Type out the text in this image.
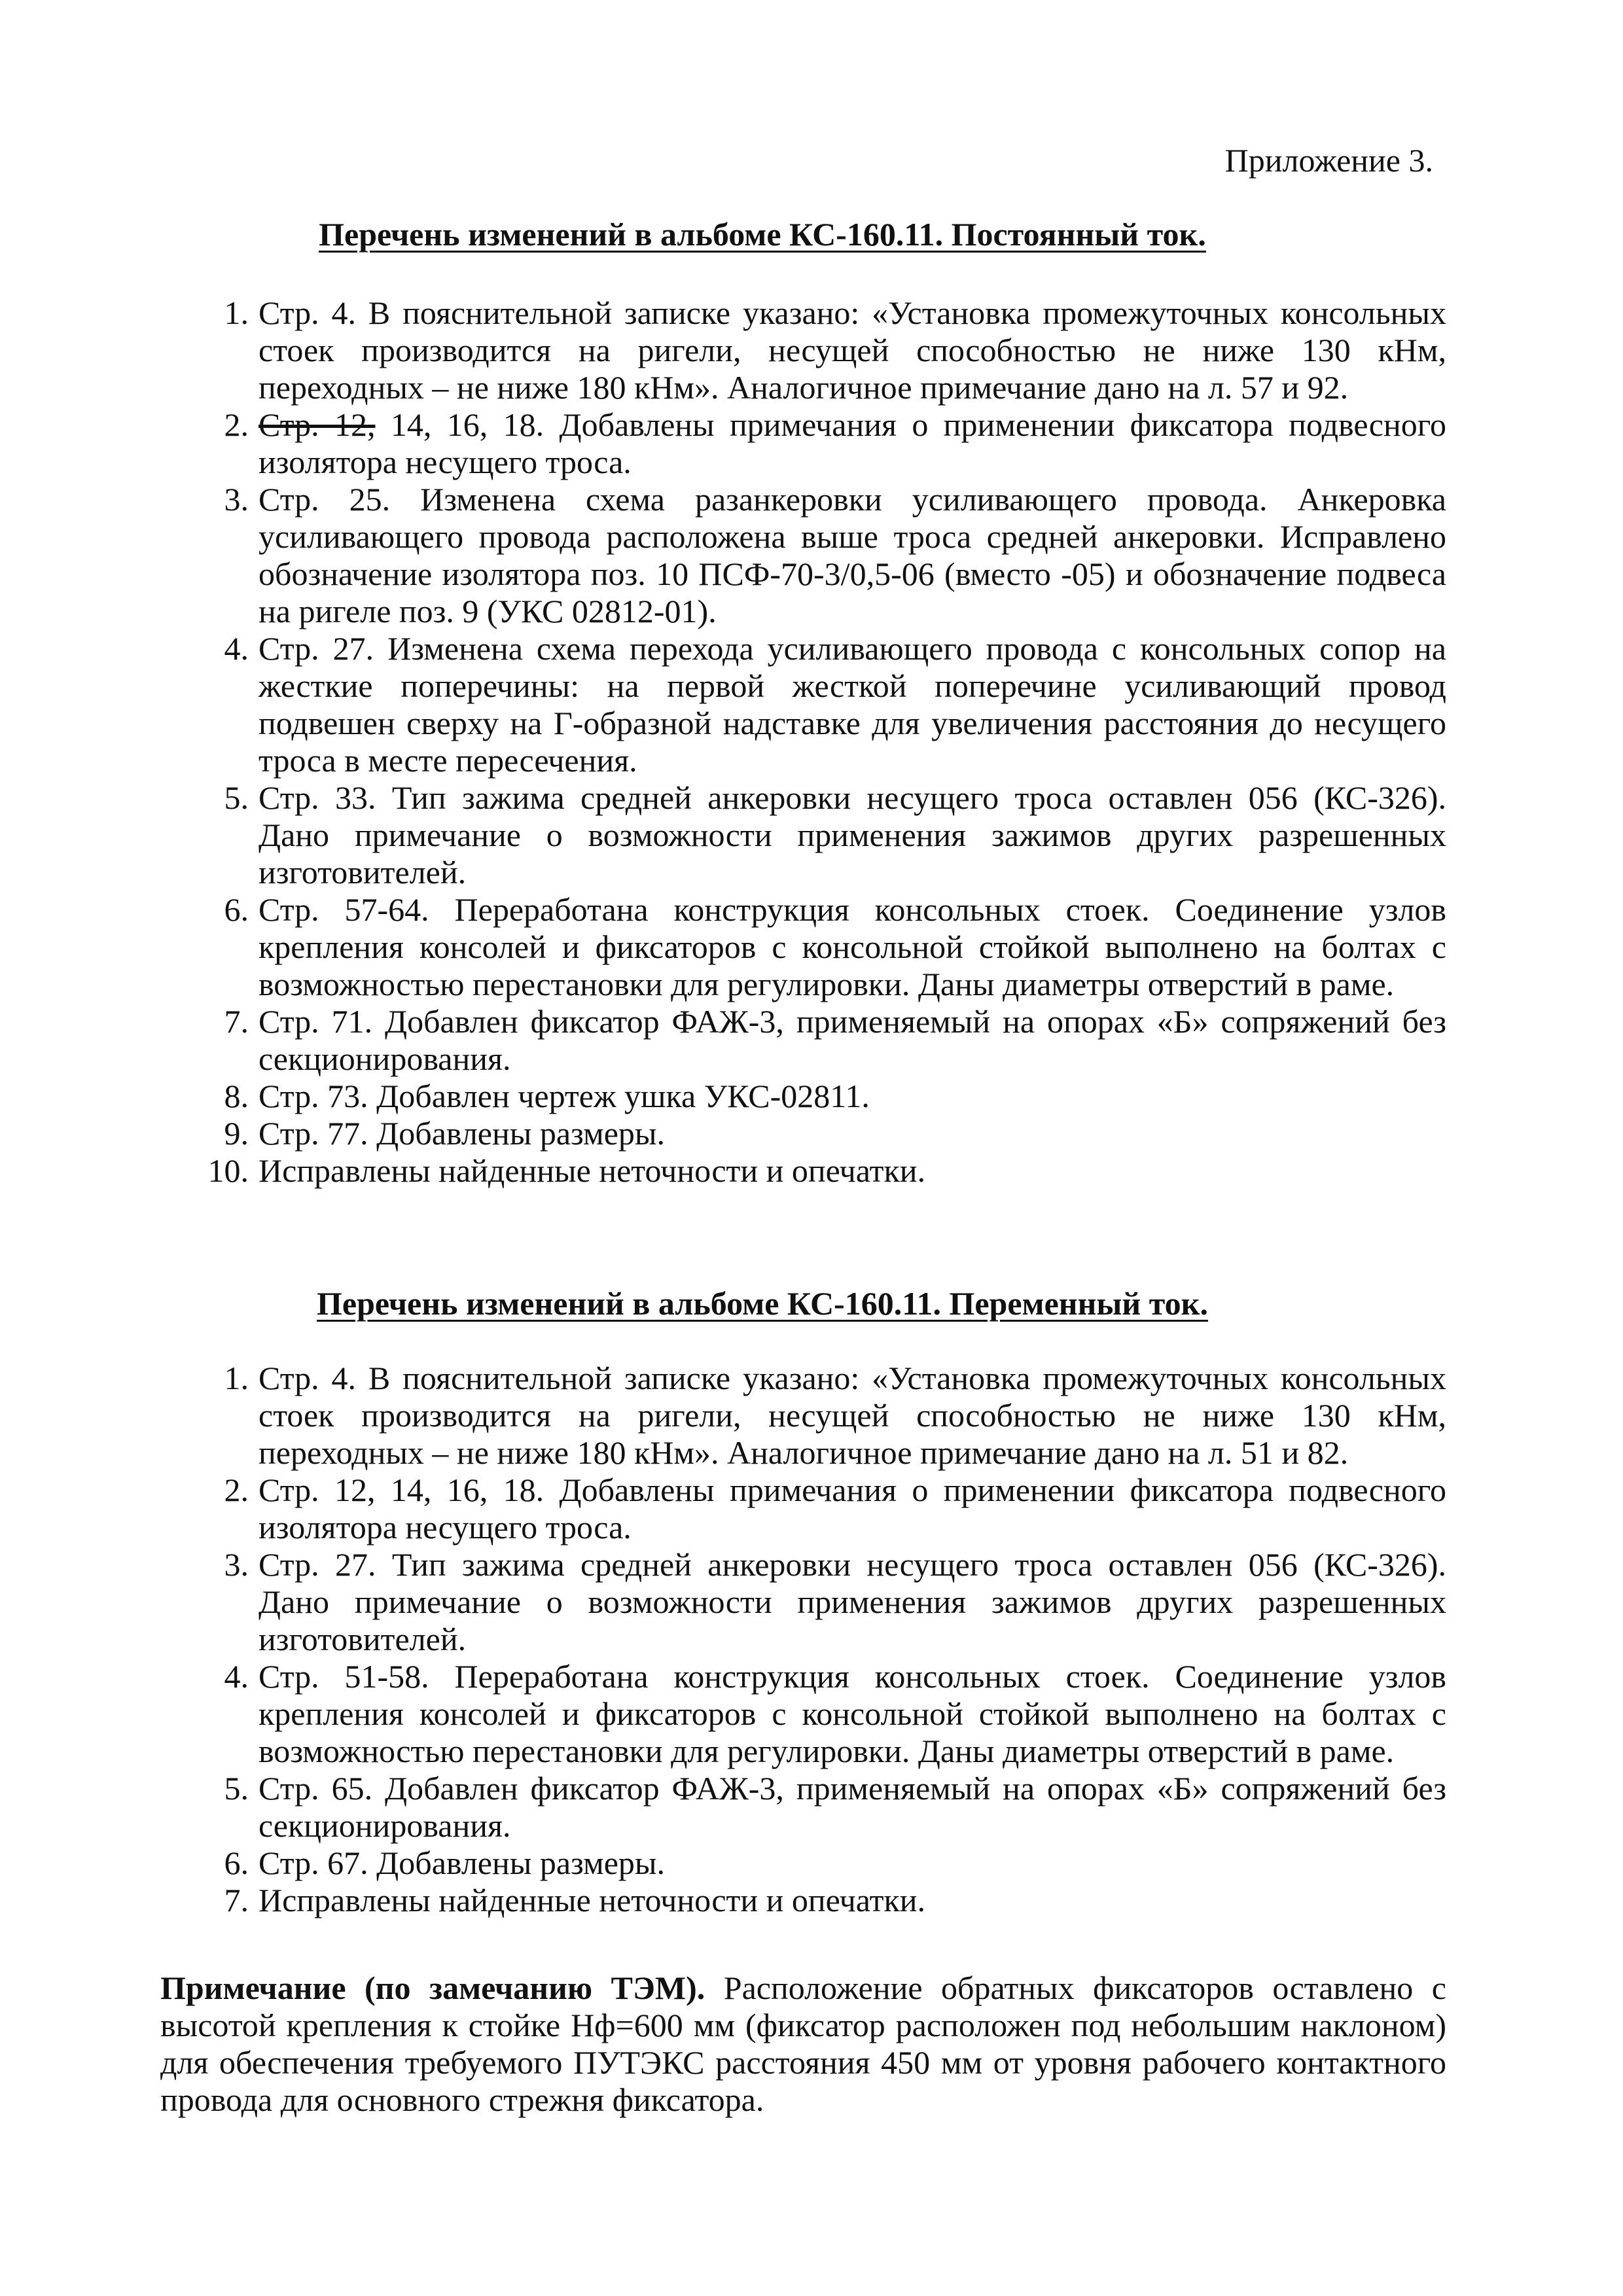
Приложение 3.
Перечень изменений в альбоме КС-160.11. Постоянный ток.
1. Стр. 4. В пояснительной записке указано: «Установка промежуточных консольных стоек производится на ригели, несущей способностью не ниже 130 кНм, переходных – не ниже 180 кНм». Аналогичное примечание дано на л. 57 и 92.
2. Стр. 12, 14, 16, 18. Добавлены примечания о применении фиксатора подвесного изолятора несущего троса.
3. Стр. 25. Изменена схема разанкеровки усиливающего провода. Анкеровка усиливающего провода расположена выше троса средней анкеровки. Исправлено обозначение изолятора поз. 10 ПСФ-70-3/0,5-06 (вместо -05) и обозначение подвеса на ригеле поз. 9 (УКС 02812-01).
4. Стр. 27. Изменена схема перехода усиливающего провода с консольных сопор на жесткие поперечины: на первой жесткой поперечине усиливающий провод подвешен сверху на Г-образной надставке для увеличения расстояния до несущего троса в месте пересечения.
5. Стр. 33. Тип зажима средней анкеровки несущего троса оставлен 056 (КС-326). Дано примечание о возможности применения зажимов других разрешенных изготовителей.
6. Стр. 57-64. Переработана конструкция консольных стоек. Соединение узлов крепления консолей и фиксаторов с консольной стойкой выполнено на болтах с возможностью перестановки для регулировки. Даны диаметры отверстий в раме.
7. Стр. 71. Добавлен фиксатор ФАЖ-3, применяемый на опорах «Б» сопряжений без секционирования.
8. Стр. 73. Добавлен чертеж ушка УКС-02811.
9. Стр. 77. Добавлены размеры.
10. Исправлены найденные неточности и опечатки.
Перечень изменений в альбоме КС-160.11. Переменный ток.
1. Стр. 4. В пояснительной записке указано: «Установка промежуточных консольных стоек производится на ригели, несущей способностью не ниже 130 кНм, переходных – не ниже 180 кНм». Аналогичное примечание дано на л. 51 и 82.
2. Стр. 12, 14, 16, 18. Добавлены примечания о применении фиксатора подвесного изолятора несущего троса.
3. Стр. 27. Тип зажима средней анкеровки несущего троса оставлен 056 (КС-326). Дано примечание о возможности применения зажимов других разрешенных изготовителей.
4. Стр. 51-58. Переработана конструкция консольных стоек. Соединение узлов крепления консолей и фиксаторов с консольной стойкой выполнено на болтах с возможностью перестановки для регулировки. Даны диаметры отверстий в раме.
5. Стр. 65. Добавлен фиксатор ФАЖ-3, применяемый на опорах «Б» сопряжений без секционирования.
6. Стр. 67. Добавлены размеры.
7. Исправлены найденные неточности и опечатки.
Примечание (по замечанию ТЭМ). Расположение обратных фиксаторов оставлено с высотой крепления к стойке Нф=600 мм (фиксатор расположен под небольшим наклоном) для обеспечения требуемого ПУТЭКС расстояния 450 мм от уровня рабочего контактного провода для основного стрежня фиксатора.
